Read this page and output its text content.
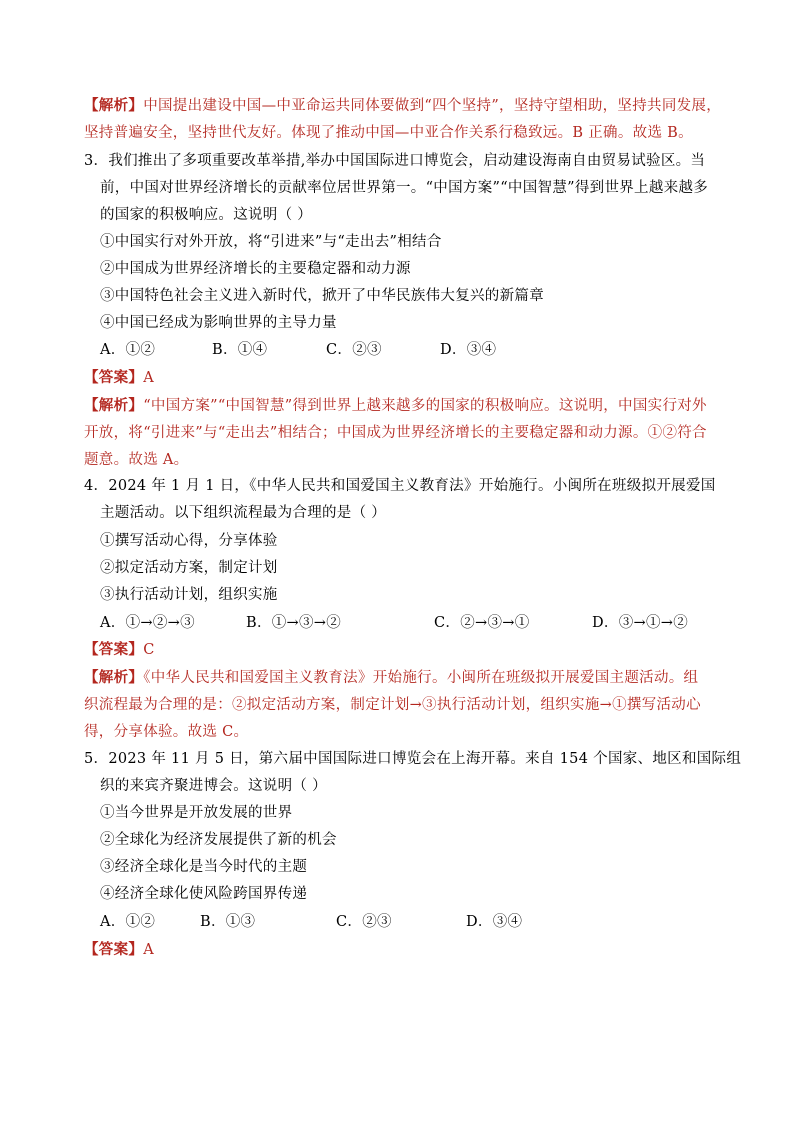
【解析】中国提出建设中国—中亚命运共同体要做到“四个坚持”，坚持守望相助，坚持共同发展，
坚持普遍安全，坚持世代友好。体现了推动中国—中亚合作关系行稳致远。B 正确。故选 B。
3．我们推出了多项重要改革举措,举办中国国际进口博览会，启动建设海南自由贸易试验区。当
前，中国对世界经济增长的贡献率位居世界第一。“中国方案”“中国智慧”得到世界上越来越多
的国家的积极响应。这说明（ ）
①中国实行对外开放，将“引进来”与“走出去”相结合
②中国成为世界经济增长的主要稳定器和动力源
③中国特色社会主义进入新时代，掀开了中华民族伟大复兴的新篇章
④中国已经成为影响世界的主导力量
A．①②	B．①④	C．②③	D．③④
【答案】A
【解析】“中国方案”“中国智慧”得到世界上越来越多的国家的积极响应。这说明，中国实行对外
开放，将“引进来”与“走出去”相结合；中国成为世界经济增长的主要稳定器和动力源。①②符合
题意。故选 A。
4．2024 年 1 月 1 日，《中华人民共和国爱国主义教育法》开始施行。小闽所在班级拟开展爱国
主题活动。以下组织流程最为合理的是（ ）
①撰写活动心得，分享体验
②拟定活动方案，制定计划
③执行活动计划，组织实施
A．①→②→③	B．①→③→②	C．②→③→①	D．③→①→②
【答案】C
【解析】《中华人民共和国爱国主义教育法》开始施行。小闽所在班级拟开展爱国主题活动。组
织流程最为合理的是：②拟定活动方案，制定计划→③执行活动计划，组织实施→①撰写活动心
得，分享体验。故选 C。
5．2023 年 11 月 5 日，第六届中国国际进口博览会在上海开幕。来自 154 个国家、地区和国际组
织的来宾齐聚进博会。这说明（ ）
①当今世界是开放发展的世界
②全球化为经济发展提供了新的机会
③经济全球化是当今时代的主题
④经济全球化使风险跨国界传递
A．①②	B．①③	C．②③	D．③④
【答案】A
